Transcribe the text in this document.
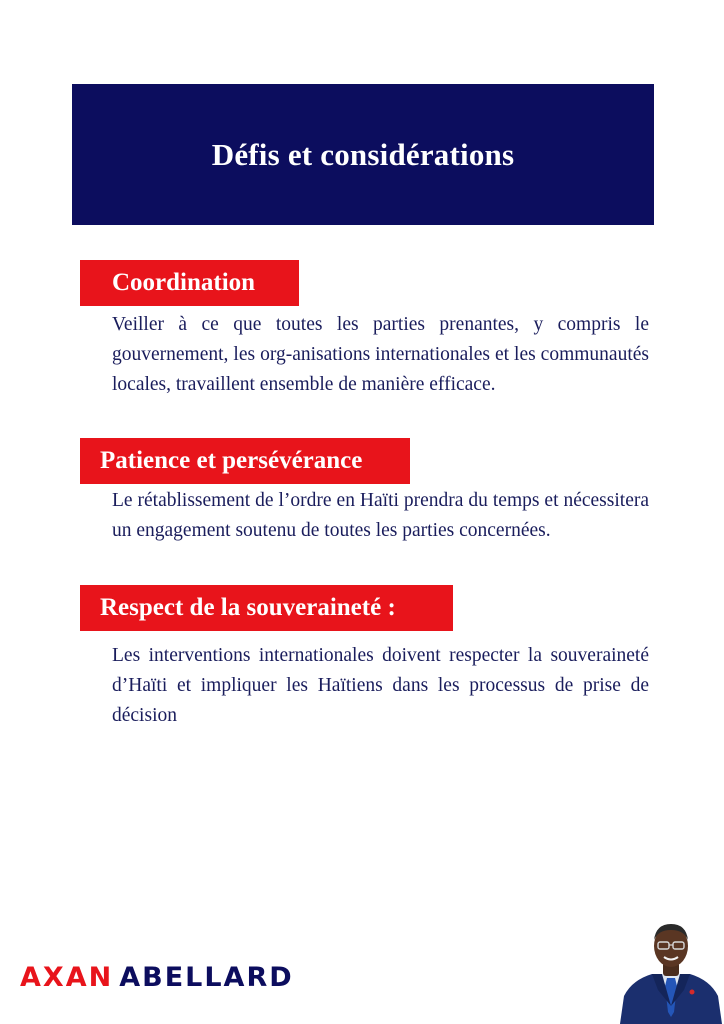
Défis et considérations
Coordination

Veiller à ce que toutes les parties prenantes, y compris le gouvernement, les org-anisations internationales et les communautés locales, travaillent ensemble de manière efficace.

Patience et persévérance

Le rétablissement de l’ordre en Haïti prendra du temps et nécessitera un engagement soutenu de toutes les parties concernées.

Respect de la souveraineté :

Les interventions internationales doivent respecter la souveraineté d’Haïti et impliquer les Haïtiens dans les processus de prise de décision

AXAN ABELLARD
